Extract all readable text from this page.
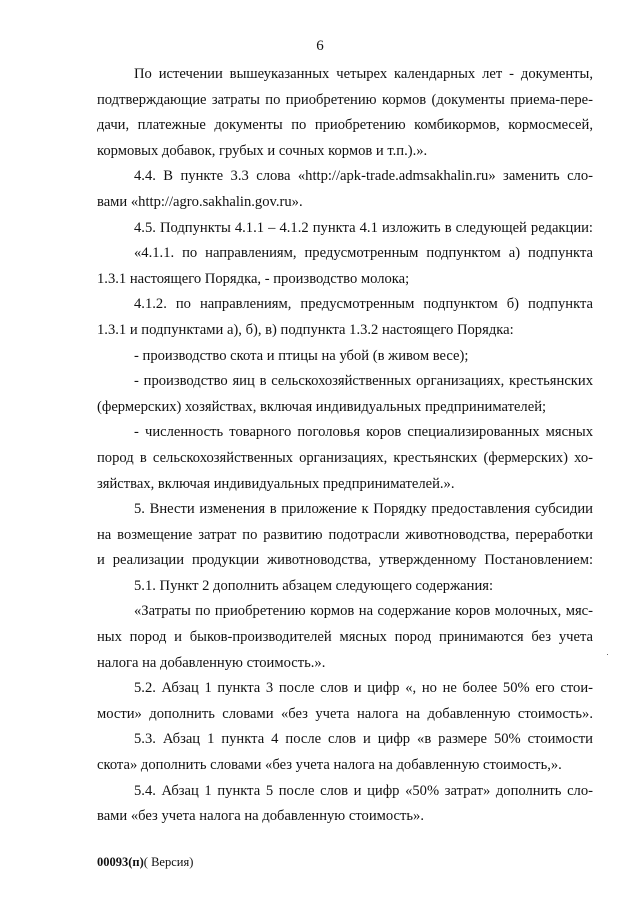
6
По истечении вышеуказанных четырех календарных лет - документы,
подтверждающие затраты по приобретению кормов (документы приема-пере-
дачи, платежные документы по приобретению комбикормов, кормосмесей,
кормовых добавок, грубых и сочных кормов и т.п.).».
4.4. В пункте 3.3 слова «http://apk-trade.admsakhalin.ru» заменить сло-
вами «http://agro.sakhalin.gov.ru».
4.5. Подпункты 4.1.1 – 4.1.2 пункта 4.1 изложить в следующей редакции:
«4.1.1. по направлениям, предусмотренным подпунктом а) подпункта
1.3.1 настоящего Порядка, - производство молока;
4.1.2. по направлениям, предусмотренным подпунктом б) подпункта
1.3.1 и подпунктами а), б), в) подпункта 1.3.2 настоящего Порядка:
- производство скота и птицы на убой (в живом весе);
- производство яиц в сельскохозяйственных организациях, крестьянских
(фермерских) хозяйствах, включая индивидуальных предпринимателей;
- численность товарного поголовья коров специализированных мясных
пород в сельскохозяйственных организациях, крестьянских (фермерских) хо-
зяйствах, включая индивидуальных предпринимателей.».
5. Внести изменения в приложение к Порядку предоставления субсидии
на возмещение затрат по развитию подотрасли животноводства, переработки
и реализации продукции животноводства, утвержденному Постановлением:
5.1. Пункт 2 дополнить абзацем следующего содержания:
«Затраты по приобретению кормов на содержание коров молочных, мяс-
ных пород и быков-производителей мясных пород принимаются без учета
налога на добавленную стоимость.».
5.2. Абзац 1 пункта 3 после слов и цифр «, но не более 50% его стои-
мости» дополнить словами «без учета налога на добавленную стоимость».
5.3. Абзац 1 пункта 4 после слов и цифр «в размере 50% стоимости
скота» дополнить словами «без учета налога на добавленную стоимость,».
5.4. Абзац 1 пункта 5 после слов и цифр «50% затрат» дополнить сло-
вами «без учета налога на добавленную стоимость».
00093(п)( Версия)
